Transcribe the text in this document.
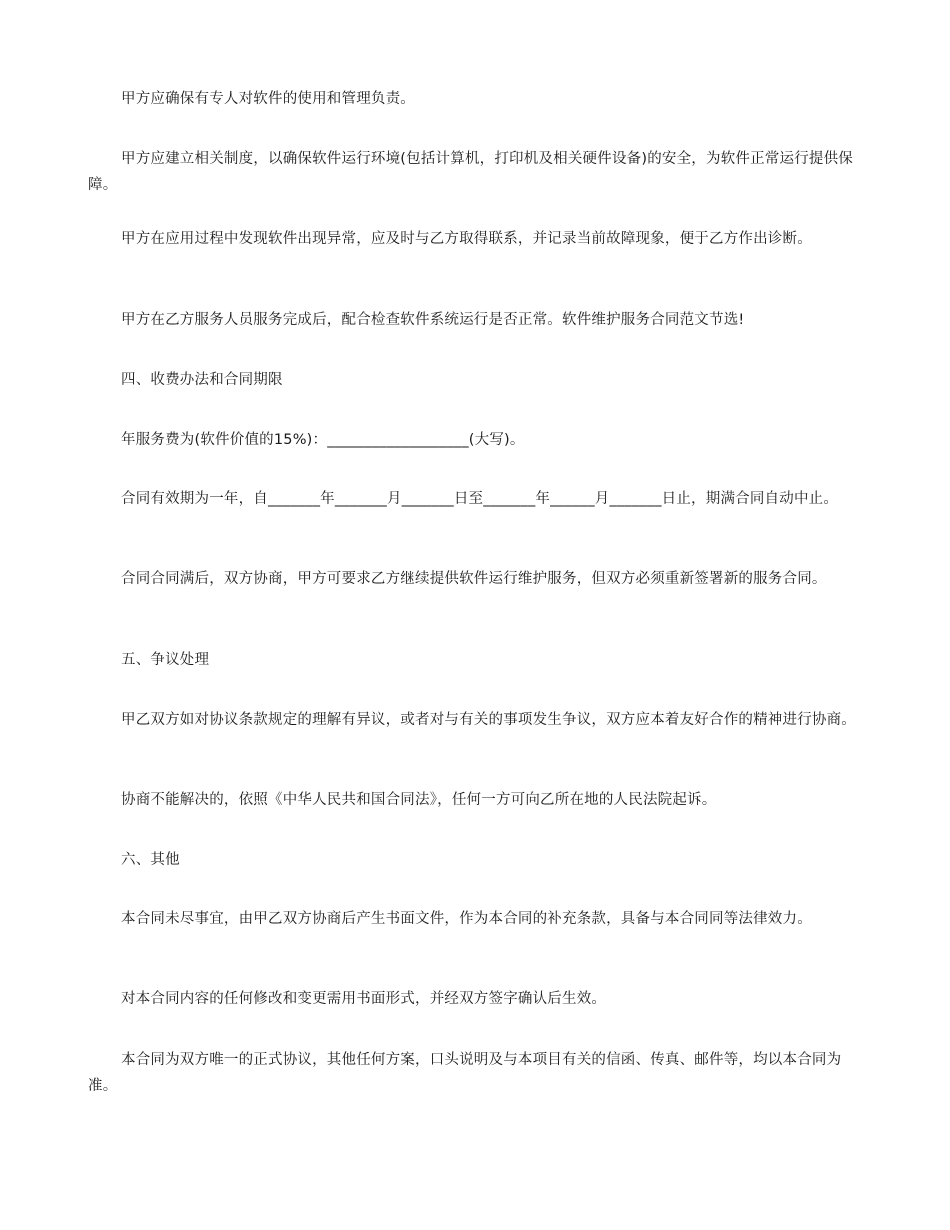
甲方应确保有专人对软件的使用和管理负责。

甲方应建立相关制度，以确保软件运行环境(包括计算机，打印机及相关硬件设备)的安全，为软件正常运行提供保障。

甲方在应用过程中发现软件出现异常，应及时与乙方取得联系，并记录当前故障现象，便于乙方作出诊断。

甲方在乙方服务人员服务完成后，配合检查软件系统运行是否正常。软件维护服务合同范文节选!

四、收费办法和合同期限

年服务费为(软件价值的15%)：___________________(大写)。

合同有效期为一年，自_______年_______月_______日至_______年______月_______日止，期满合同自动中止。

合同合同满后，双方协商，甲方可要求乙方继续提供软件运行维护服务，但双方必须重新签署新的服务合同。

五、争议处理

甲乙双方如对协议条款规定的理解有异议，或者对与有关的事项发生争议，双方应本着友好合作的精神进行协商。

协商不能解决的，依照《中华人民共和国合同法》，任何一方可向乙所在地的人民法院起诉。

六、其他

本合同未尽事宜，由甲乙双方协商后产生书面文件，作为本合同的补充条款，具备与本合同同等法律效力。

对本合同内容的任何修改和变更需用书面形式，并经双方签字确认后生效。

本合同为双方唯一的正式协议，其他任何方案，口头说明及与本项目有关的信函、传真、邮件等，均以本合同为准。
